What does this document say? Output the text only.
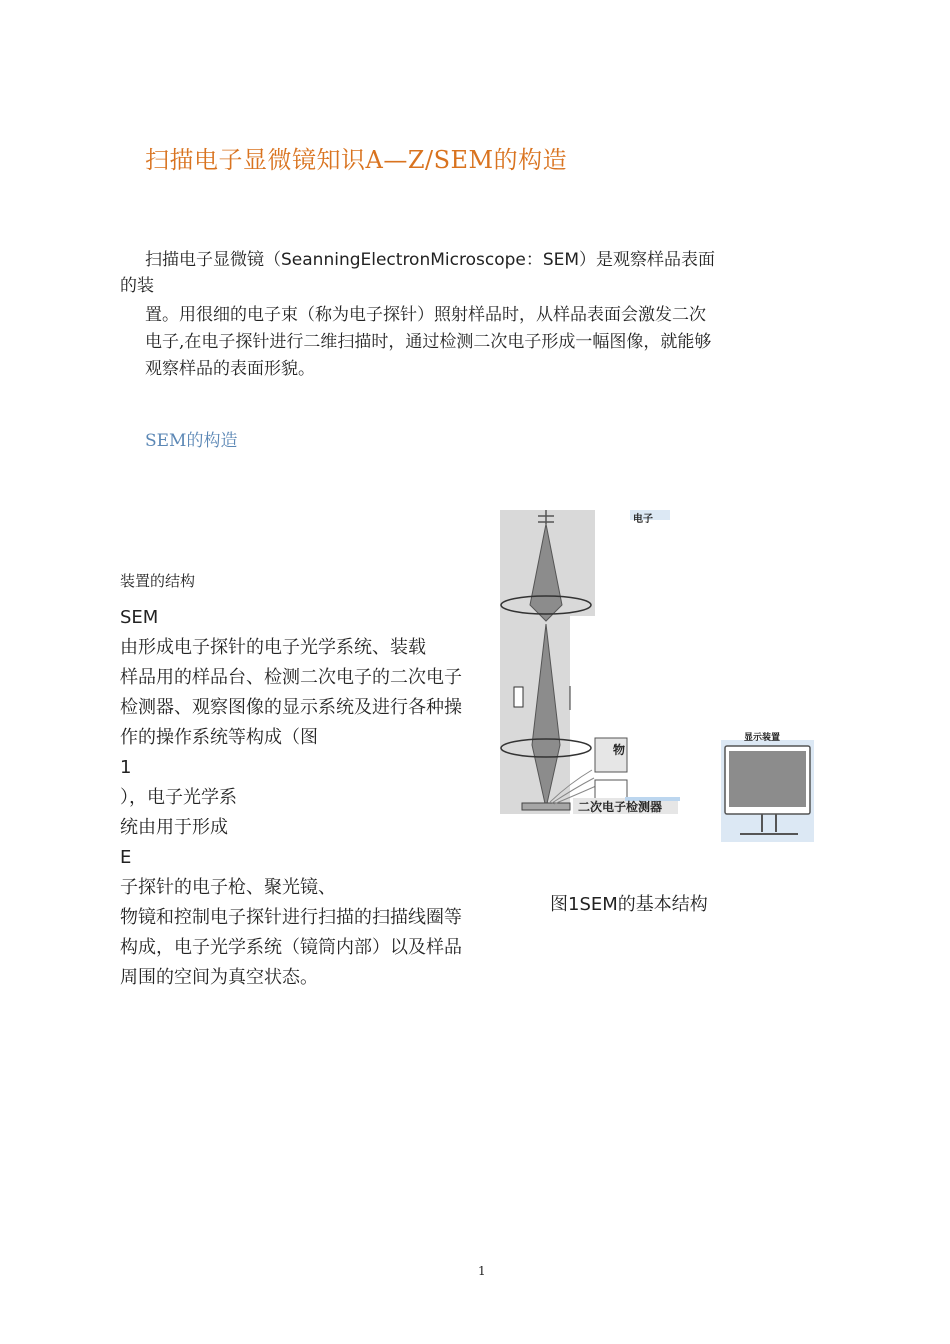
扫描电子显微镜知识A—Z/SEM的构造
扫描电子显微镜（SeanningElectronMicroscope：SEM）是观察样品表面
的装
置。用很细的电子束（称为电子探针）照射样品时，从样品表面会激发二次
电子,在电子探针进行二维扫描时，通过检测二次电子形成一幅图像，就能够
观察样品的表面形貌。
SEM的构造
装置的结构
SEM
由形成电子探针的电子光学系统、装载
样品用的样品台、检测二次电子的二次电子
检测器、观察图像的显示系统及进行各种操
作的操作系统等构成（图
1
），电子光学系
统由用于形成
E
子探针的电子枪、聚光镜、
物镜和控制电子探针进行扫描的扫描线圈等
构成，电子光学系统（镜筒内部）以及样品
周围的空间为真空状态。
物
二次电子检测器
电子
显示装置
图1SEM的基本结构
1
